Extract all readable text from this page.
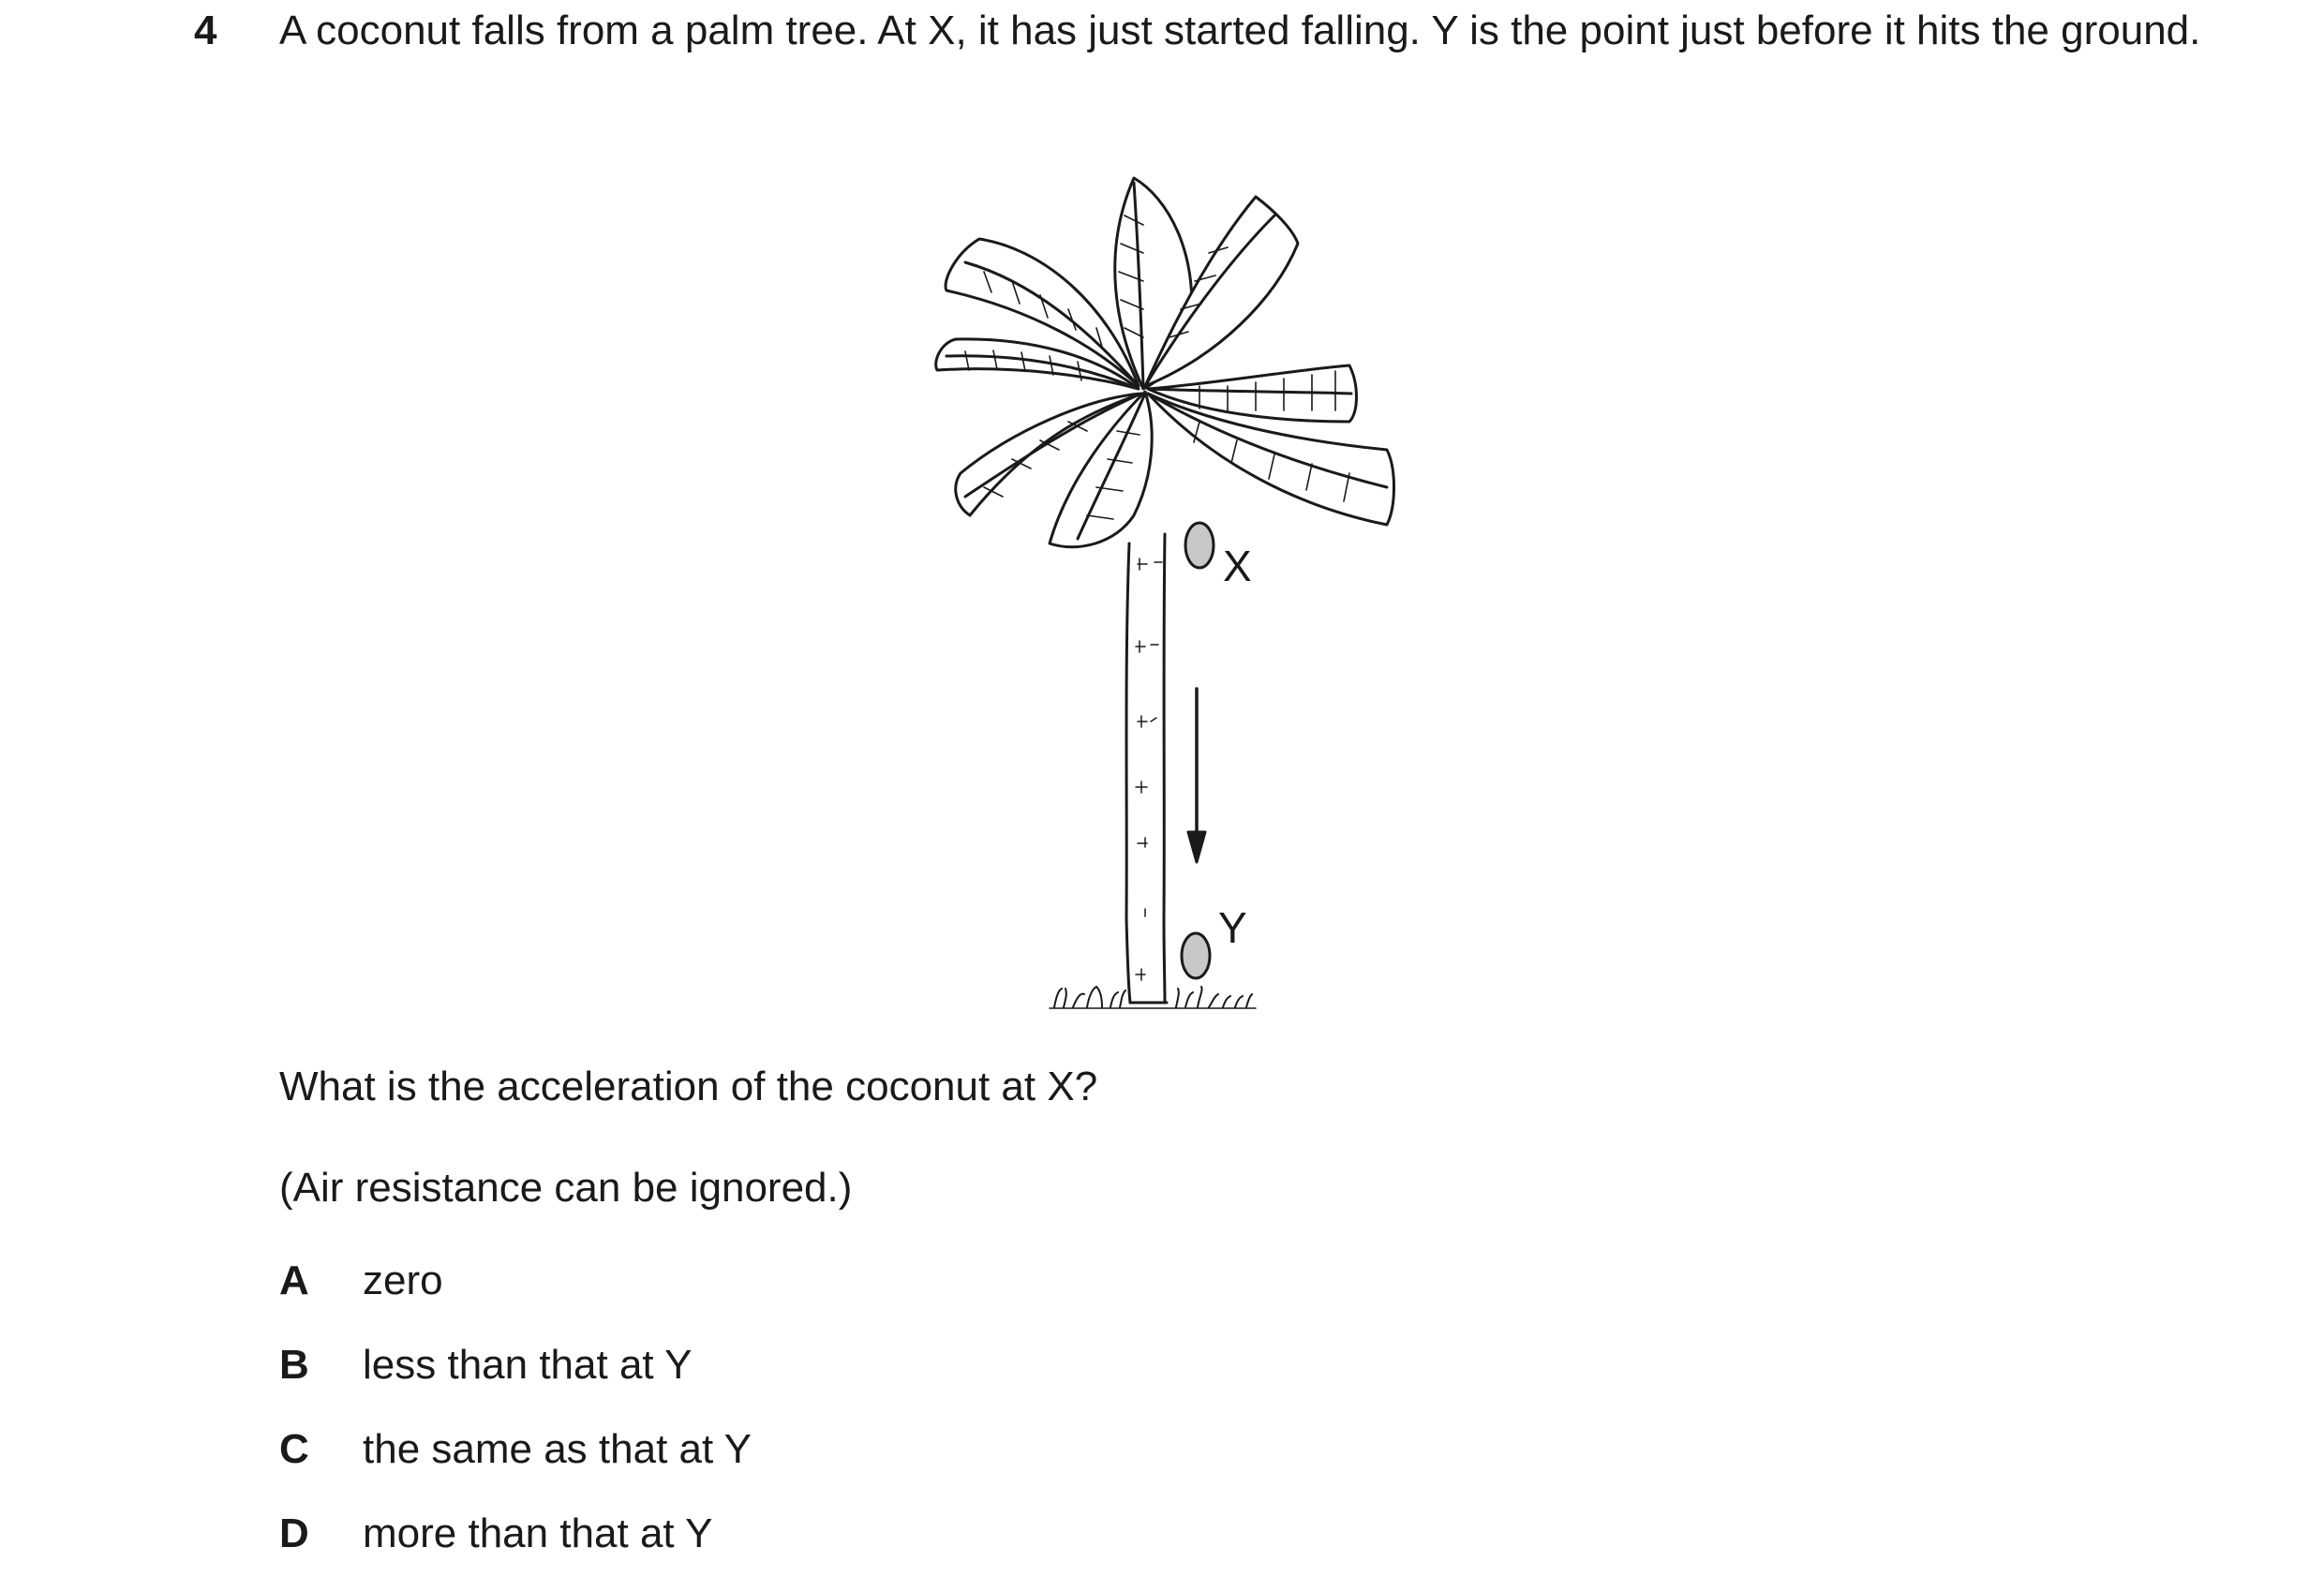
4 A coconut falls from a palm tree. At X, it has just started falling. Y is the point just before it hits the ground.
X
Y
What is the acceleration of the coconut at X?
(Air resistance can be ignored.)
A zero
B less than that at Y
C the same as that at Y
D more than that at Y
